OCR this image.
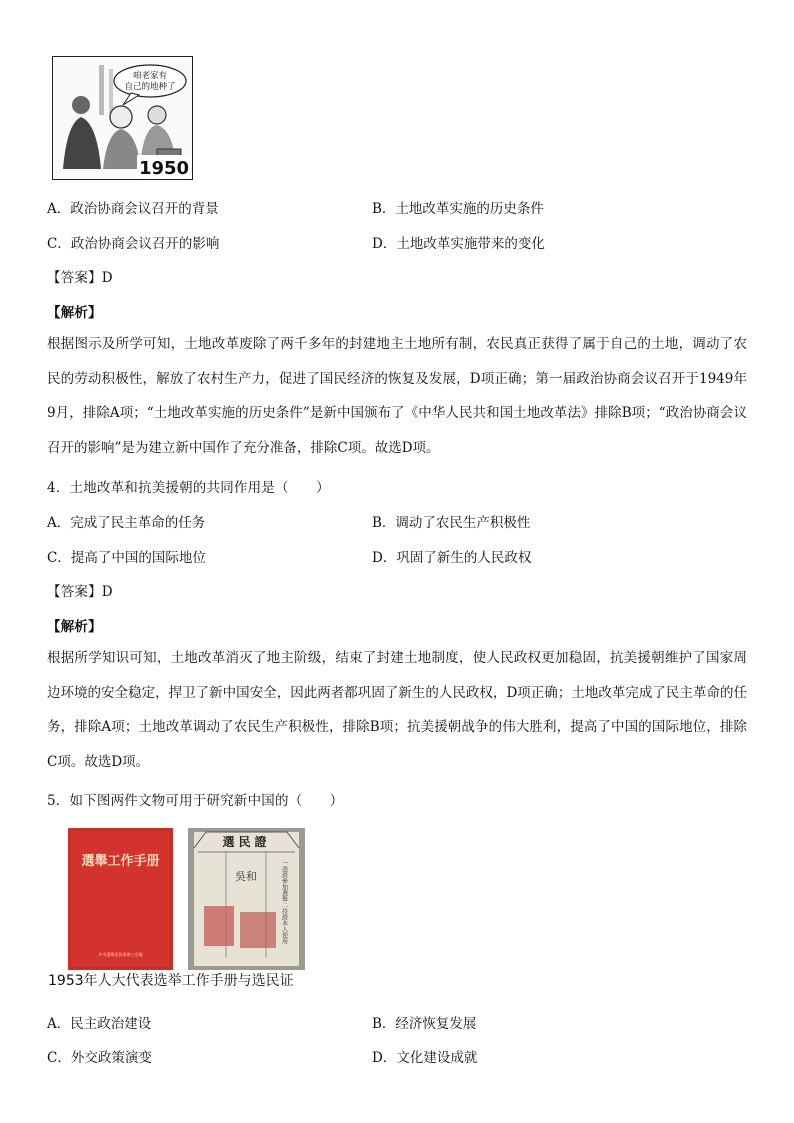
咱老家有
自己的地种了
1950
A．政治协商会议召开的背景	B．土地改革实施的历史条件
C．政治协商会议召开的影响	D．土地改革实施带来的变化
【答案】D
【解析】
根据图示及所学可知，土地改革废除了两千多年的封建地主土地所有制，农民真正获得了属于自己的土地，调动了农民的劳动积极性，解放了农村生产力，促进了国民经济的恢复及发展，D项正确；第一届政治协商会议召开于1949年9月，排除A项；“土地改革实施的历史条件”是新中国颁布了《中华人民共和国土地改革法》排除B项；“政治协商会议召开的影响”是为建立新中国作了充分准备，排除C项。故选D项。
4．土地改革和抗美援朝的共同作用是（　　）
A．完成了民主革命的任务	B．调动了农民生产积极性
C．提高了中国的国际地位	D．巩固了新生的人民政权
【答案】D
【解析】
根据所学知识可知，土地改革消灭了地主阶级，结束了封建土地制度，使人民政权更加稳固，抗美援朝维护了国家周边环境的安全稳定，捍卫了新中国安全，因此两者都巩固了新生的人民政权，D项正确；土地改革完成了民主革命的任务，排除A项；土地改革调动了农民生产积极性，排除B项；抗美援朝战争的伟大胜利，提高了中国的国际地位，排除C项。故选D项。
5．如下图两件文物可用于研究新中国的（　　）
選舉工作手册
中央選舉委員會辦公室編
選民證
吳和	一憑證參加選舉二持證本人使用
1953年人大代表选举工作手册与选民证
A．民主政治建设	B．经济恢复发展
C．外交政策演变	D．文化建设成就
